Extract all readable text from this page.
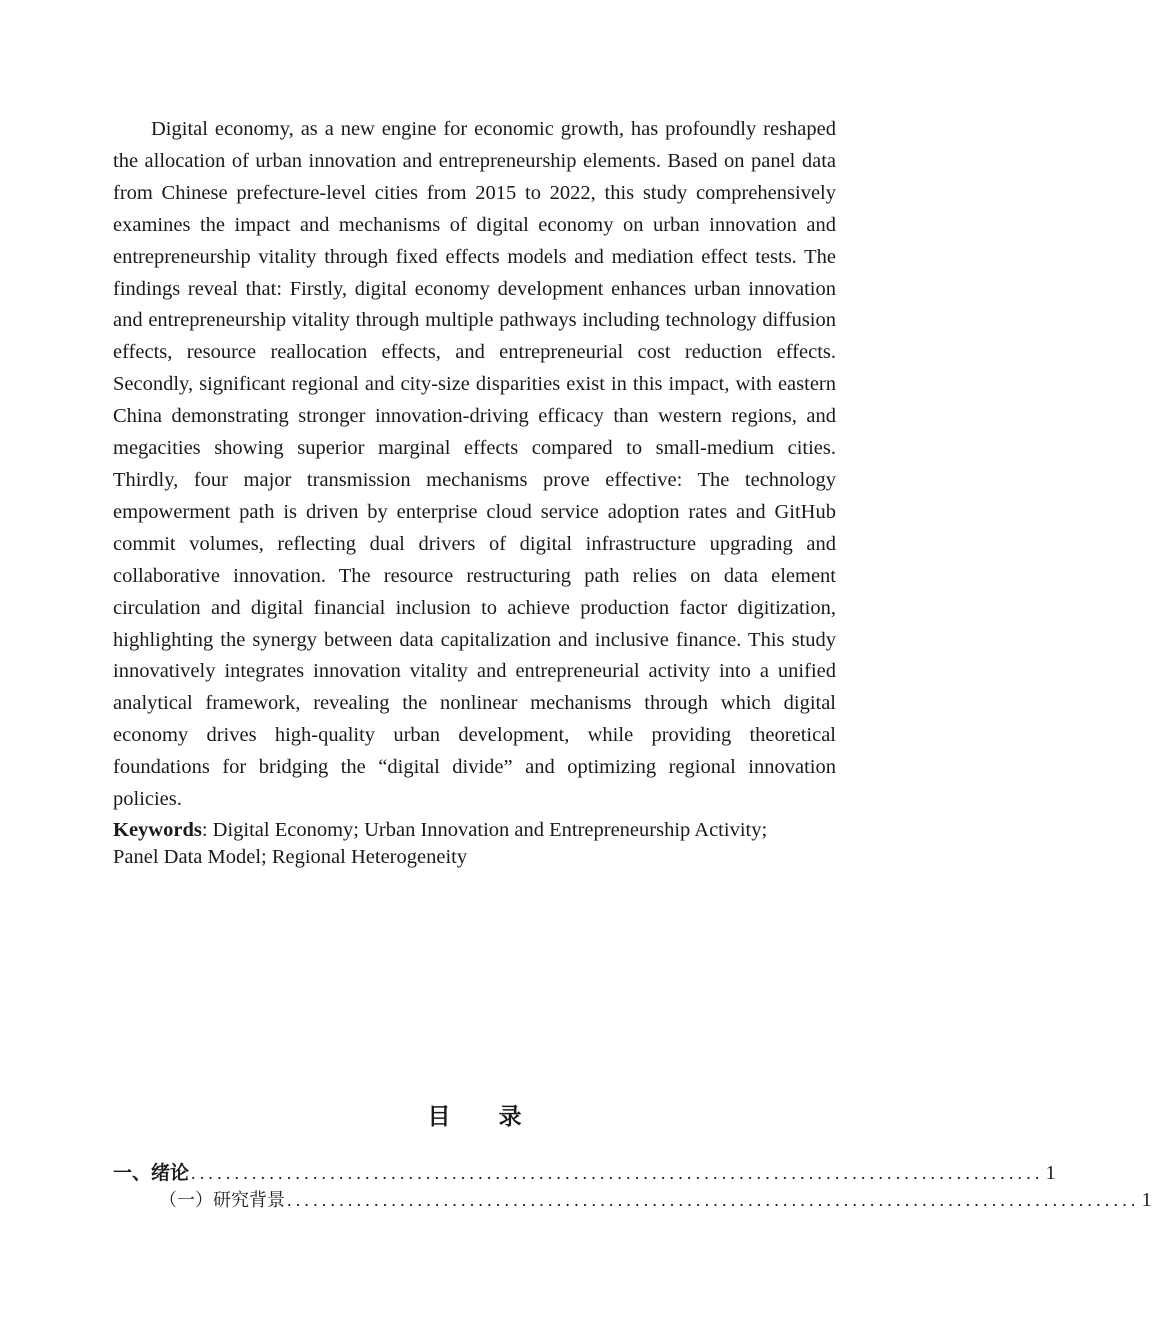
Digital economy, as a new engine for economic growth, has profoundly reshaped the allocation of urban innovation and entrepreneurship elements. Based on panel data from Chinese prefecture-level cities from 2015 to 2022, this study comprehensively examines the impact and mechanisms of digital economy on urban innovation and entrepreneurship vitality through fixed effects models and mediation effect tests. The findings reveal that: Firstly, digital economy development enhances urban innovation and entrepreneurship vitality through multiple pathways including technology diffusion effects, resource reallocation effects, and entrepreneurial cost reduction effects. Secondly, significant regional and city-size disparities exist in this impact, with eastern China demonstrating stronger innovation-driving efficacy than western regions, and megacities showing superior marginal effects compared to small-medium cities. Thirdly, four major transmission mechanisms prove effective: The technology empowerment path is driven by enterprise cloud service adoption rates and GitHub commit volumes, reflecting dual drivers of digital infrastructure upgrading and collaborative innovation. The resource restructuring path relies on data element circulation and digital financial inclusion to achieve production factor digitization, highlighting the synergy between data capitalization and inclusive finance. This study innovatively integrates innovation vitality and entrepreneurial activity into a unified analytical framework, revealing the nonlinear mechanisms through which digital economy drives high-quality urban development, while providing theoretical foundations for bridging the “digital divide” and optimizing regional innovation policies.

Keywords: Digital Economy; Urban Innovation and Entrepreneurship Activity;
Panel Data Model; Regional Heterogeneity

目 录
一、绪论 .................................................................................................. 1
（一）研究背景 .................................................................................................. 1
